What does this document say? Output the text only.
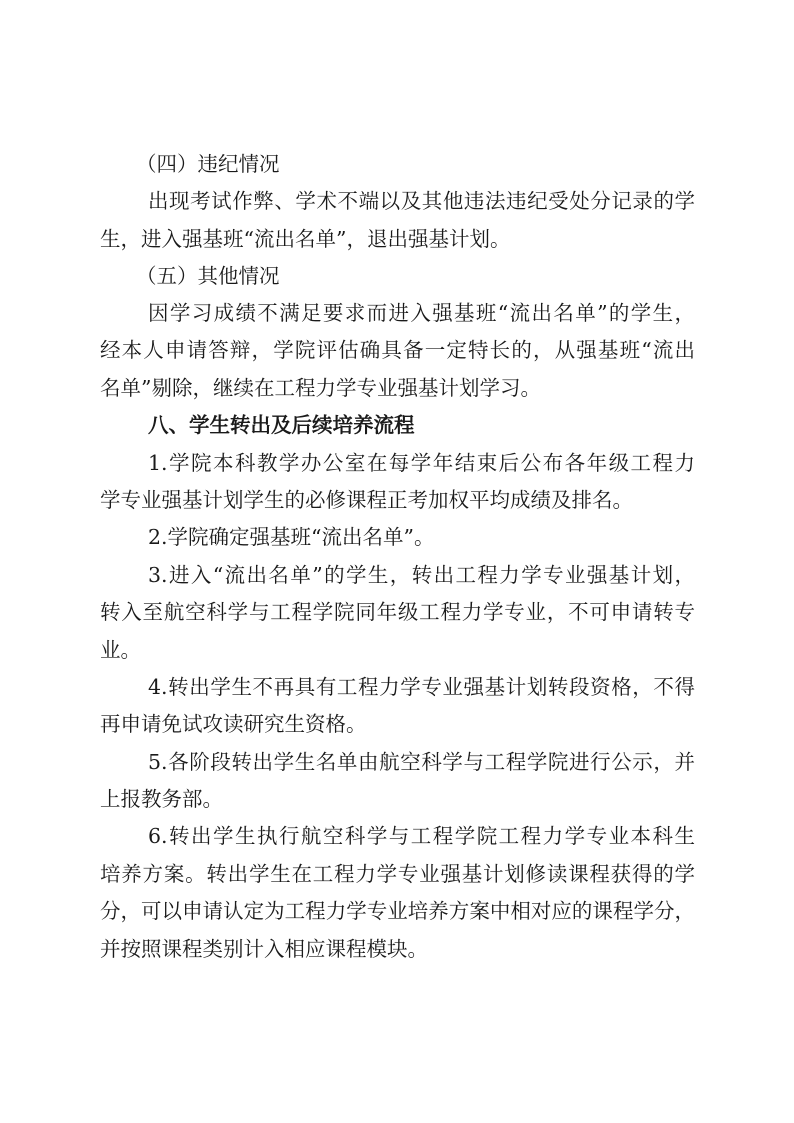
（四）违纪情况
出现考试作弊、学术不端以及其他违法违纪受处分记录的学
生，进入强基班“流出名单”，退出强基计划。
（五）其他情况
因学习成绩不满足要求而进入强基班“流出名单”的学生，
经本人申请答辩，学院评估确具备一定特长的，从强基班“流出
名单”剔除，继续在工程力学专业强基计划学习。
八、学生转出及后续培养流程
1.学院本科教学办公室在每学年结束后公布各年级工程力
学专业强基计划学生的必修课程正考加权平均成绩及排名。
2.学院确定强基班“流出名单”。
3.进入“流出名单”的学生，转出工程力学专业强基计划，
转入至航空科学与工程学院同年级工程力学专业，不可申请转专
业。
4.转出学生不再具有工程力学专业强基计划转段资格，不得
再申请免试攻读研究生资格。
5.各阶段转出学生名单由航空科学与工程学院进行公示，并
上报教务部。
6.转出学生执行航空科学与工程学院工程力学专业本科生
培养方案。转出学生在工程力学专业强基计划修读课程获得的学
分，可以申请认定为工程力学专业培养方案中相对应的课程学分，
并按照课程类别计入相应课程模块。
